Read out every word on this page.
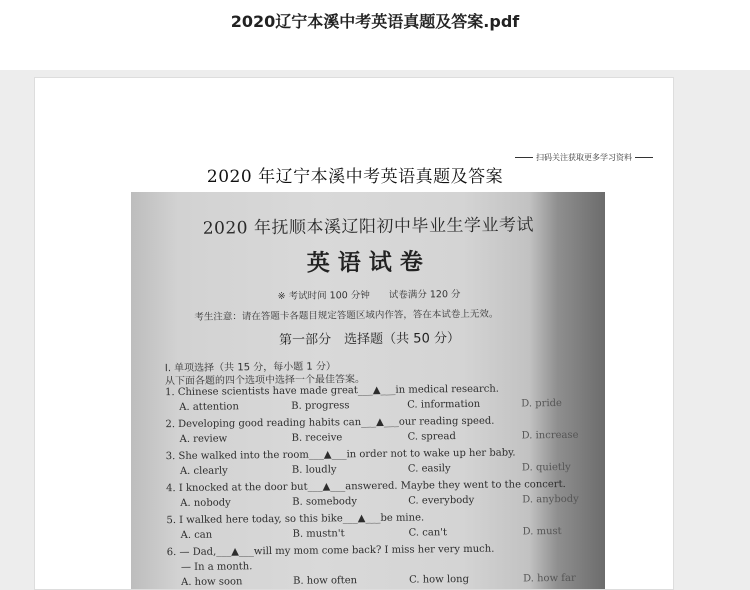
2020辽宁本溪中考英语真题及答案.pdf
扫码关注获取更多学习资料
2020 年辽宁本溪中考英语真题及答案
2020 年抚顺本溪辽阳初中毕业生学业考试
英语试卷
※ 考试时间 100 分钟 试卷满分 120 分
考生注意：请在答题卡各题目规定答题区域内作答，答在本试卷上无效。
第一部分　选择题（共 50 分）
Ⅰ. 单项选择（共 15 分，每小题 1 分）
从下面各题的四个选项中选择一个最佳答案。
1. Chinese scientists have made great___▲___in medical research.
A. attention	B. progress	C. information	D. pride
2. Developing good reading habits can___▲___our reading speed.
A. review	B. receive	C. spread	D. increase
3. She walked into the room___▲___in order not to wake up her baby.
A. clearly	B. loudly	C. easily	D. quietly
4. I knocked at the door but___▲___answered. Maybe they went to the concert.
A. nobody	B. somebody	C. everybody	D. anybody
5. I walked here today, so this bike___▲___be mine.
A. can	B. mustn't	C. can't	D. must
6. — Dad,___▲___will my mom come back? I miss her very much.
— In a month.
A. how soon	B. how often	C. how long	D. how far
